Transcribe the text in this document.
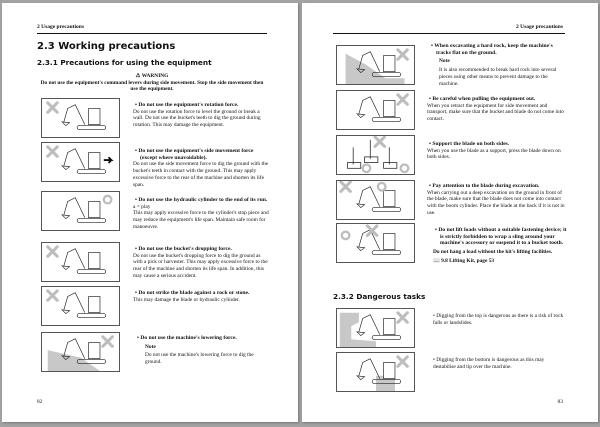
2 Usage precautions
2.3 Working precautions
2.3.1 Precautions for using the equipment
⚠ WARNING
Do not use the equipment's command levers during side movement. Stop the side movement then use the equipment.
• Do not use the equipment's rotation force.
Do not use the rotation force to level the ground or break a wall. Do not use the bucket's teeth to dig the ground during rotation. This may damage the equipment.
• Do not use the equipment's side movement force (except where unavoidable).
Do not use the side movement force to dig the ground with the bucket's teeth in contact with the ground. This may apply excessive force to the rear of the machine and shorten its life span.
• Do not use the hydraulic cylinder to the end of its run.
a = play
This may apply excessive force to the cylinder's stop piece and may reduce the equipment's life span. Maintain safe room for manoeuvre.
• Do not use the bucket's dropping force.
Do not use the bucket's dropping force to dig the ground as with a pick or harvester. This may apply excessive force to the rear of the machine and shorten its life span. In addition, this may cause a serious accident.
• Do not strike the blade against a rock or stone.
This may damage the blade or hydraulic cylinder.
• Do not use the machine's lowering force.
Note
Do not use the machine's lowering force to dig the ground.
82
2 Usage precautions
• When excavating a hard rock, keep the machine's tracks flat on the ground.
Note
It is also recommended to break hard rock into several pieces using other means to prevent damage to the machine.
• Be careful when pulling the equipment out.
When you retract the equipment for side movement and transport, make sure that the bucket and blade do not come into contact.
• Support the blade on both sides.
When you use the blade as a support, press the blade down on both sides.
• Pay attention to the blade during excavation.
When carrying out a deep excavation on the ground in front of the blade, make sure that the blade does not come into contact with the boom cylinder. Place the blade at the back if it is not in use.
• Do not lift loads without a suitable fastening device; it is strictly forbidden to wrap a sling around your machine's accessory or suspend it to a bucket tooth.
Do not hang a load without the kit's lifting facilities.
📖 9.8 Lifting Kit, page 53
2.3.2 Dangerous tasks
• Digging from the top is dangerous as there is a risk of rock falls or landslides.
• Digging from the bottom is dangerous as this may destabilise and tip over the machine.
83
